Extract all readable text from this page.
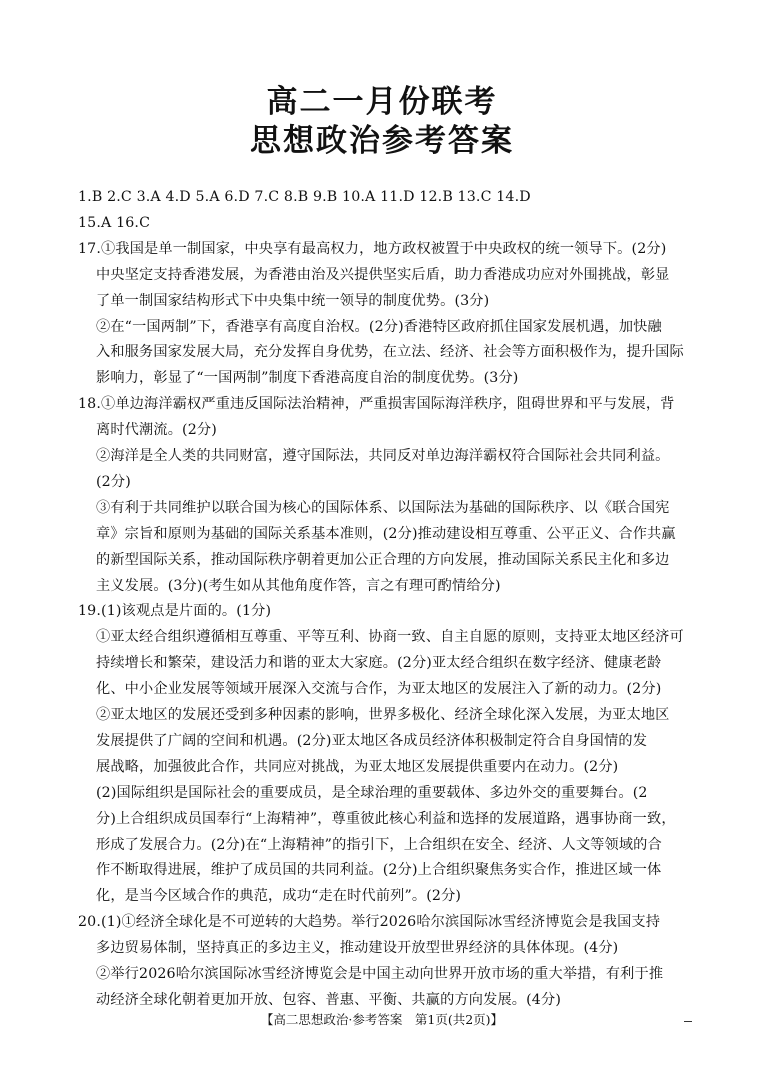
高二一月份联考
思想政治参考答案
1.B 2.C 3.A 4.D 5.A 6.D 7.C 8.B 9.B 10.A 11.D 12.B 13.C 14.D
15.A 16.C
17.①我国是单一制国家，中央享有最高权力，地方政权被置于中央政权的统一领导下。(2分)
中央坚定支持香港发展，为香港由治及兴提供坚实后盾，助力香港成功应对外围挑战，彰显
了单一制国家结构形式下中央集中统一领导的制度优势。(3分)
②在“一国两制”下，香港享有高度自治权。(2分)香港特区政府抓住国家发展机遇，加快融
入和服务国家发展大局，充分发挥自身优势，在立法、经济、社会等方面积极作为，提升国际
影响力，彰显了“一国两制”制度下香港高度自治的制度优势。(3分)
18.①单边海洋霸权严重违反国际法治精神，严重损害国际海洋秩序，阻碍世界和平与发展，背
离时代潮流。(2分)
②海洋是全人类的共同财富，遵守国际法，共同反对单边海洋霸权符合国际社会共同利益。
(2分)
③有利于共同维护以联合国为核心的国际体系、以国际法为基础的国际秩序、以《联合国宪
章》宗旨和原则为基础的国际关系基本准则，(2分)推动建设相互尊重、公平正义、合作共赢
的新型国际关系，推动国际秩序朝着更加公正合理的方向发展，推动国际关系民主化和多边
主义发展。(3分)(考生如从其他角度作答，言之有理可酌情给分)
19.(1)该观点是片面的。(1分)
①亚太经合组织遵循相互尊重、平等互利、协商一致、自主自愿的原则，支持亚太地区经济可
持续增长和繁荣，建设活力和谐的亚太大家庭。(2分)亚太经合组织在数字经济、健康老龄
化、中小企业发展等领域开展深入交流与合作，为亚太地区的发展注入了新的动力。(2分)
②亚太地区的发展还受到多种因素的影响，世界多极化、经济全球化深入发展，为亚太地区
发展提供了广阔的空间和机遇。(2分)亚太地区各成员经济体积极制定符合自身国情的发
展战略，加强彼此合作，共同应对挑战，为亚太地区发展提供重要内在动力。(2分)
(2)国际组织是国际社会的重要成员，是全球治理的重要载体、多边外交的重要舞台。(2
分)上合组织成员国奉行“上海精神”，尊重彼此核心利益和选择的发展道路，遇事协商一致，
形成了发展合力。(2分)在“上海精神”的指引下，上合组织在安全、经济、人文等领域的合
作不断取得进展，维护了成员国的共同利益。(2分)上合组织聚焦务实合作，推进区域一体
化，是当今区域合作的典范，成功“走在时代前列”。(2分)
20.(1)①经济全球化是不可逆转的大趋势。举行2026哈尔滨国际冰雪经济博览会是我国支持
多边贸易体制，坚持真正的多边主义，推动建设开放型世界经济的具体体现。(4分)
②举行2026哈尔滨国际冰雪经济博览会是中国主动向世界开放市场的重大举措，有利于推
动经济全球化朝着更加开放、包容、普惠、平衡、共赢的方向发展。(4分)
【高二思想政治·参考答案　第1页(共2页)】
